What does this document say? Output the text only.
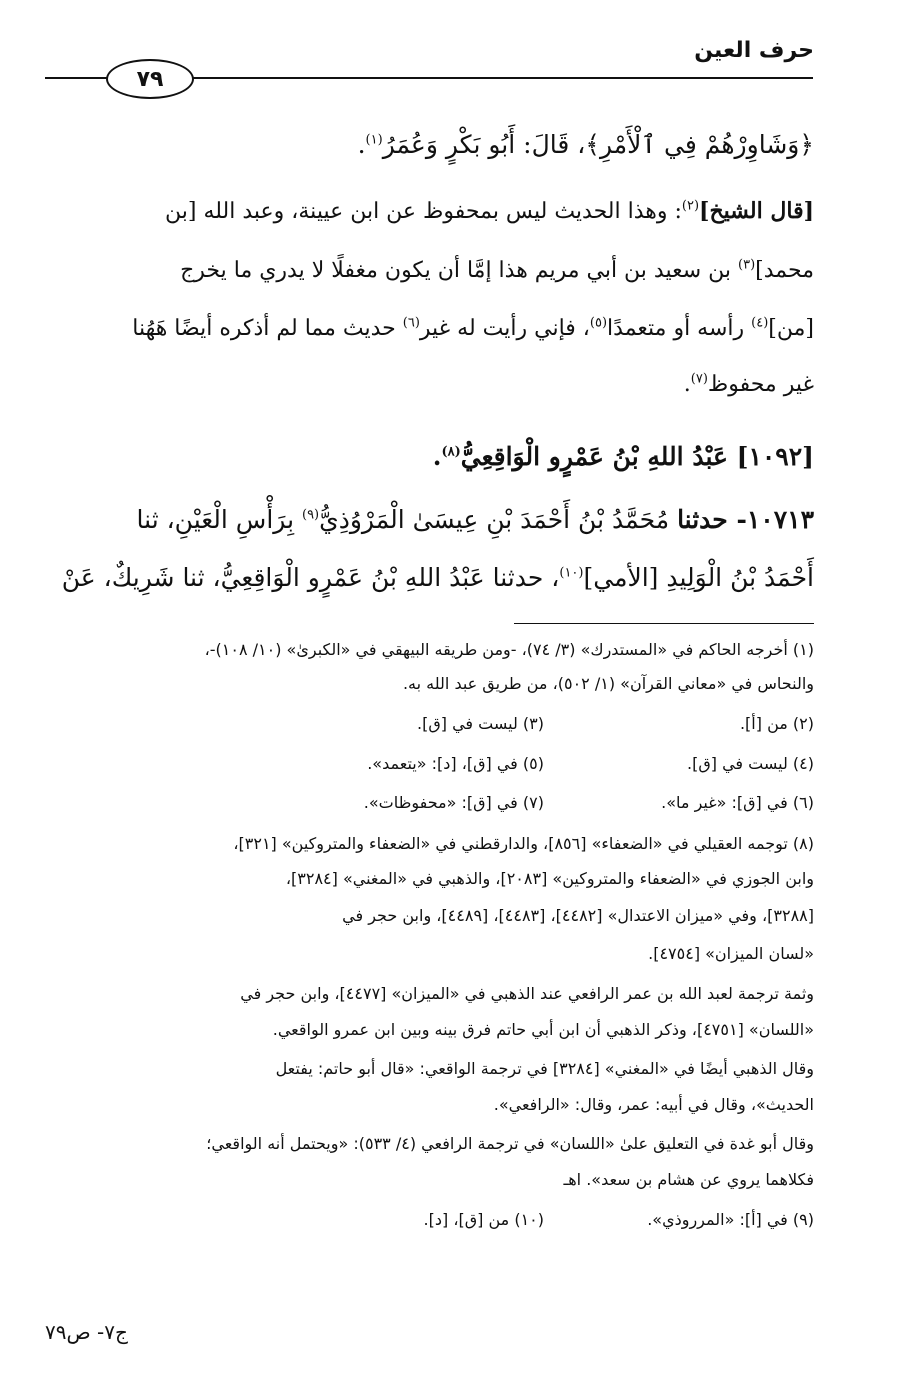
حرف العين
٧٩
﴿وَشَاوِرْهُمْ فِي ٱلْأَمْرِ﴾، قَالَ: أَبُو بَكْرٍ وَعُمَرُ$^{(١)}$.
[قال الشيخ]$^{(٢)}$: وهذا الحديث ليس بمحفوظ عن ابن عيينة، وعبد الله [بن
محمد]$^{(٣)}$ بن سعيد بن أبي مريم هذا إمَّا أن يكون مغفلًا لا يدري ما يخرج
[من]$^{(٤)}$ رأسه أو متعمدًا$^{(٥)}$، فإني رأيت له غير$^{(٦)}$ حديث مما لم أذكره أيضًا هَهُنا
غير محفوظ$^{(٧)}$.
[١٠٩٢] عَبْدُ اللهِ بْنُ عَمْرٍو الْوَاقِعِيُّ$^{(٨)}$.
١٠٧١٣- حدثنا مُحَمَّدُ بْنُ أَحْمَدَ بْنِ عِيسَىٰ الْمَرْوُذِيُّ$^{(٩)}$ بِرَأْسِ الْعَيْنِ، ثنا
أَحْمَدُ بْنُ الْوَلِيدِ [الأمي]$^{(١٠)}$، حدثنا عَبْدُ اللهِ بْنُ عَمْرٍو الْوَاقِعِيُّ، ثنا شَرِيكٌ، عَنْ
(١) أخرجه الحاكم في «المستدرك» (٣/ ٧٤)، -ومن طريقه البيهقي في «الكبرىٰ» (١٠/ ١٠٨)-،
والنحاس في «معاني القرآن» (١/ ٥٠٢)، من طريق عبد الله به.
(٢) من [أ].
(٣) ليست في [ق].
(٤) ليست في [ق].
(٥) في [ق]، [د]: «يتعمد».
(٦) في [ق]: «غير ما».
(٧) في [ق]: «محفوظات».
(٨) توجمه العقيلي في «الضعفاء» [٨٥٦]، والدارقطني في «الضعفاء والمتروكين» [٣٢١]،
وابن الجوزي في «الضعفاء والمتروكين» [٢٠٨٣]، والذهبي في «المغني» [٣٢٨٤]،
[٣٢٨٨]، وفي «ميزان الاعتدال» [٤٤٨٢]، [٤٤٨٣]، [٤٤٨٩]، وابن حجر في
«لسان الميزان» [٤٧٥٤].
وثمة ترجمة لعبد الله بن عمر الرافعي عند الذهبي في «الميزان» [٤٤٧٧]، وابن حجر في
«اللسان» [٤٧٥١]، وذكر الذهبي أن ابن أبي حاتم فرق بينه وبين ابن عمرو الواقعي.
وقال الذهبي أيضًا في «المغني» [٣٢٨٤] في ترجمة الواقعي: «قال أبو حاتم: يفتعل
الحديث»، وقال في أبيه: عمر، وقال: «الرافعي».
وقال أبو غدة في التعليق علىٰ «اللسان» في ترجمة الرافعي (٤/ ٥٣٣): «ويحتمل أنه الواقعي؛
فكلاهما يروي عن هشام بن سعد». اهـ
(٩) في [أ]: «المرروذي».
(١٠) من [ق]، [د].
ج٧- ص٧٩
